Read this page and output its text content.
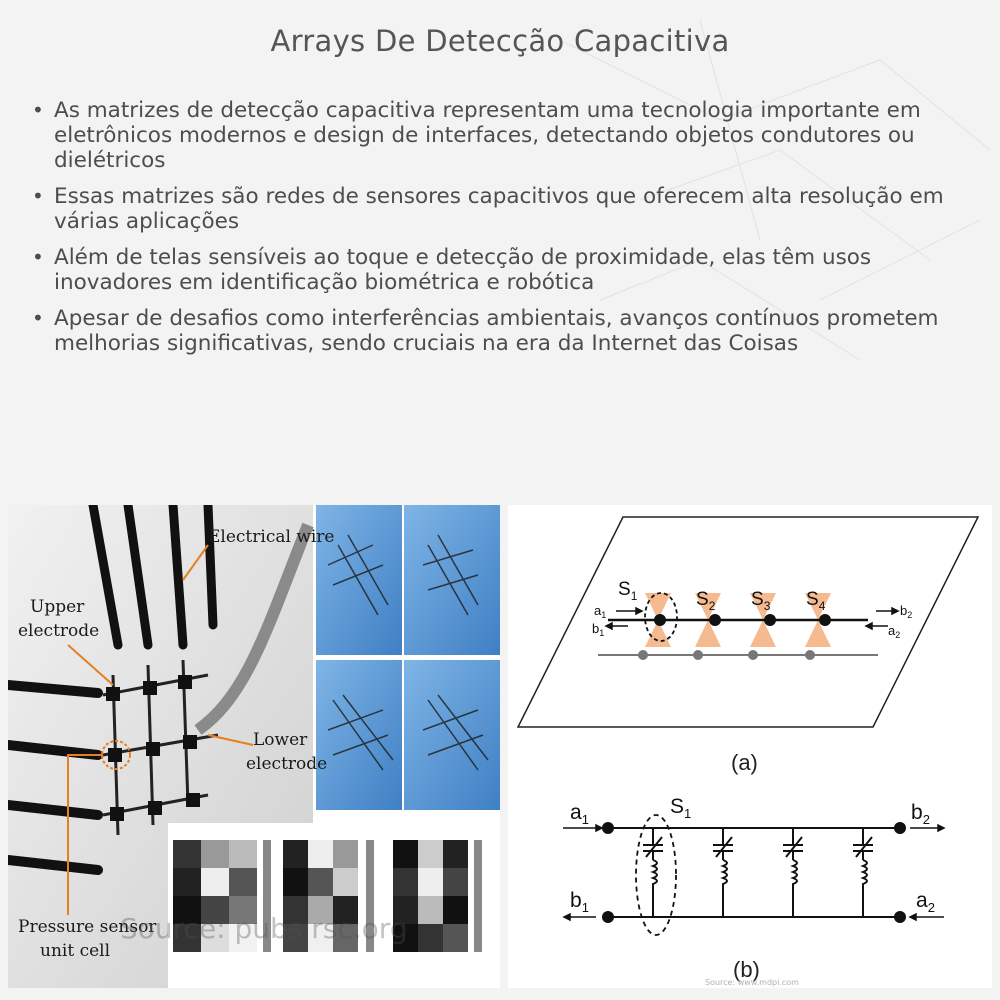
Arrays De Detecção Capacitiva
• As matrizes de detecção capacitiva representam uma tecnologia importante em eletrônicos modernos e design de interfaces, detectando objetos condutores ou dielétricos
• Essas matrizes são redes de sensores capacitivos que oferecem alta resolução em várias aplicações
• Além de telas sensíveis ao toque e detecção de proximidade, elas têm usos inovadores em identificação biométrica e robótica
• Apesar de desafios como interferências ambientais, avanços contínuos prometem melhorias significativas, sendo cruciais na era da Internet das Coisas
Electrical wire
Upper
electrode
Lower
electrode
Pressure sensor
unit cell
Source: pubs.rsc.org
$S_1$	$S_2$ $S_3$ $S_4$
$a_1$
$b_1$
$b_2$
$a_2$
$S_1$
$a_1$
$b_1$
$b_2$
$a_2$
(a)
(b)
Source: www.mdpi.com
